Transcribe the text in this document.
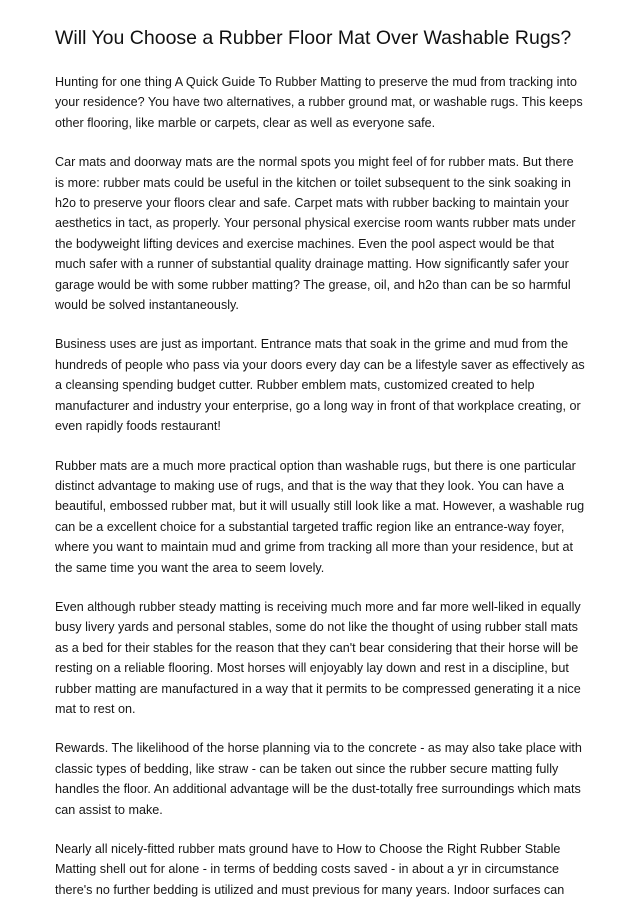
Will You Choose a Rubber Floor Mat Over Washable Rugs?

Hunting for one thing A Quick Guide To Rubber Matting to preserve the mud from tracking into your residence? You have two alternatives, a rubber ground mat, or washable rugs. This keeps other flooring, like marble or carpets, clear as well as everyone safe.

Car mats and doorway mats are the normal spots you might feel of for rubber mats. But there is more: rubber mats could be useful in the kitchen or toilet subsequent to the sink soaking in h2o to preserve your floors clear and safe. Carpet mats with rubber backing to maintain your aesthetics in tact, as properly. Your personal physical exercise room wants rubber mats under the bodyweight lifting devices and exercise machines. Even the pool aspect would be that much safer with a runner of substantial quality drainage matting. How significantly safer your garage would be with some rubber matting? The grease, oil, and h2o than can be so harmful would be solved instantaneously.

Business uses are just as important. Entrance mats that soak in the grime and mud from the hundreds of people who pass via your doors every day can be a lifestyle saver as effectively as a cleansing spending budget cutter. Rubber emblem mats, customized created to help manufacturer and industry your enterprise, go a long way in front of that workplace creating, or even rapidly foods restaurant!

Rubber mats are a much more practical option than washable rugs, but there is one particular distinct advantage to making use of rugs, and that is the way that they look. You can have a beautiful, embossed rubber mat, but it will usually still look like a mat. However, a washable rug can be a excellent choice for a substantial targeted traffic region like an entrance-way foyer, where you want to maintain mud and grime from tracking all more than your residence, but at the same time you want the area to seem lovely.

Even although rubber steady matting is receiving much more and far more well-liked in equally busy livery yards and personal stables, some do not like the thought of using rubber stall mats as a bed for their stables for the reason that they can't bear considering that their horse will be resting on a reliable flooring. Most horses will enjoyably lay down and rest in a discipline, but rubber matting are manufactured in a way that it permits to be compressed generating it a nice mat to rest on.

Rewards. The likelihood of the horse planning via to the concrete - as may also take place with classic types of bedding, like straw - can be taken out since the rubber secure matting fully handles the floor. An additional advantage will be the dust-totally free surroundings which mats can assist to make.

Nearly all nicely-fitted rubber mats ground have to How to Choose the Right Rubber Stable Matting shell out for alone - in terms of bedding costs saved - in about a yr in circumstance there's no further bedding is utilized and must previous for many years. Indoor surfaces can
